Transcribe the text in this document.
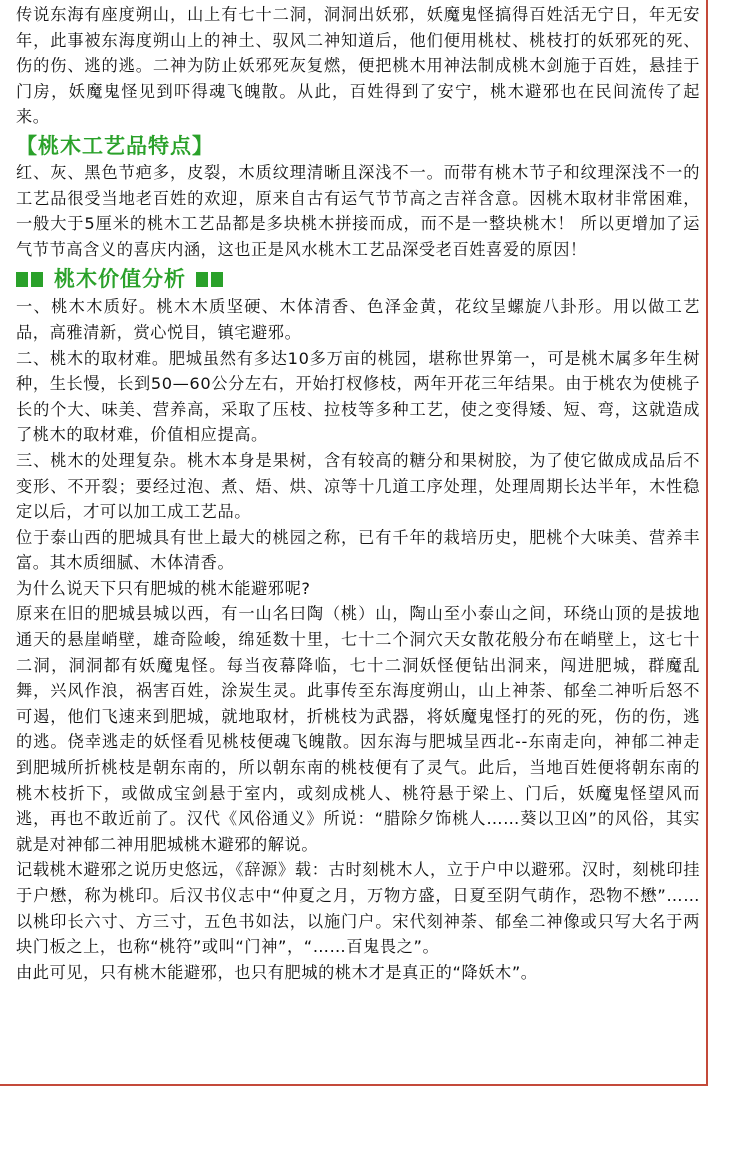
传说东海有座度朔山，山上有七十二洞，洞洞出妖邪，妖魔鬼怪搞得百姓活无宁日，年无安年，此事被东海度朔山上的神土、驭风二神知道后，他们便用桃杖、桃枝打的妖邪死的死、伤的伤、逃的逃。二神为防止妖邪死灰复燃，便把桃木用神法制成桃木剑施于百姓，悬挂于门房，妖魔鬼怪见到吓得魂飞魄散。从此，百姓得到了安宁，桃木避邪也在民间流传了起来。

【桃木工艺品特点】

红、灰、黑色节疤多，皮裂，木质纹理清晰且深浅不一。而带有桃木节子和纹理深浅不一的工艺品很受当地老百姓的欢迎，原来自古有运气节节高之吉祥含意。因桃木取材非常困难，一般大于5厘米的桃木工艺品都是多块桃木拼接而成，而不是一整块桃木！ 所以更增加了运气节节高含义的喜庆内涵，这也正是风水桃木工艺品深受老百姓喜爱的原因！

桃木价值分析

一、桃木木质好。桃木木质坚硬、木体清香、色泽金黄，花纹呈螺旋八卦形。用以做工艺品，高雅清新，赏心悦目，镇宅避邪。

二、桃木的取材难。肥城虽然有多达10多万亩的桃园，堪称世界第一，可是桃木属多年生树种，生长慢，长到50—60公分左右，开始打杈修枝，两年开花三年结果。由于桃农为使桃子长的个大、味美、营养高，采取了压枝、拉枝等多种工艺，使之变得矮、短、弯，这就造成了桃木的取材难，价值相应提高。

三、桃木的处理复杂。桃木本身是果树，含有较高的糖分和果树胶，为了使它做成成品后不变形、不开裂；要经过泡、煮、焐、烘、凉等十几道工序处理，处理周期长达半年，木性稳定以后，才可以加工成工艺品。

位于泰山西的肥城具有世上最大的桃园之称，已有千年的栽培历史，肥桃个大味美、营养丰富。其木质细腻、木体清香。

为什么说天下只有肥城的桃木能避邪呢?

原来在旧的肥城县城以西，有一山名曰陶（桃）山，陶山至小泰山之间，环绕山顶的是拔地通天的悬崖峭壁，雄奇险峻，绵延数十里，七十二个洞穴天女散花般分布在峭壁上，这七十二洞，洞洞都有妖魔鬼怪。每当夜幕降临，七十二洞妖怪便钻出洞来，闯进肥城，群魔乱舞，兴风作浪，祸害百姓，涂炭生灵。此事传至东海度朔山，山上神荼、郁垒二神听后怒不可遏，他们飞速来到肥城，就地取材，折桃枝为武器，将妖魔鬼怪打的死的死，伤的伤，逃的逃。侥幸逃走的妖怪看见桃枝便魂飞魄散。因东海与肥城呈西北--东南走向，神郁二神走到肥城所折桃枝是朝东南的，所以朝东南的桃枝便有了灵气。此后，当地百姓便将朝东南的桃木枝折下，或做成宝剑悬于室内，或刻成桃人、桃符悬于梁上、门后，妖魔鬼怪望风而逃，再也不敢近前了。汉代《风俗通义》所说：“腊除夕饰桃人……葵以卫凶”的风俗，其实就是对神郁二神用肥城桃木避邪的解说。

记载桃木避邪之说历史悠远，《辞源》载：古时刻桃木人，立于户中以避邪。汉时，刻桃印挂于户懋，称为桃印。后汉书仪志中“仲夏之月，万物方盛，日夏至阴气萌作，恐物不懋”……以桃印长六寸、方三寸，五色书如法，以施门户。宋代刻神荼、郁垒二神像或只写大名于两块门板之上，也称“桃符”或叫“门神”，“……百鬼畏之”。

由此可见，只有桃木能避邪，也只有肥城的桃木才是真正的“降妖木”。
